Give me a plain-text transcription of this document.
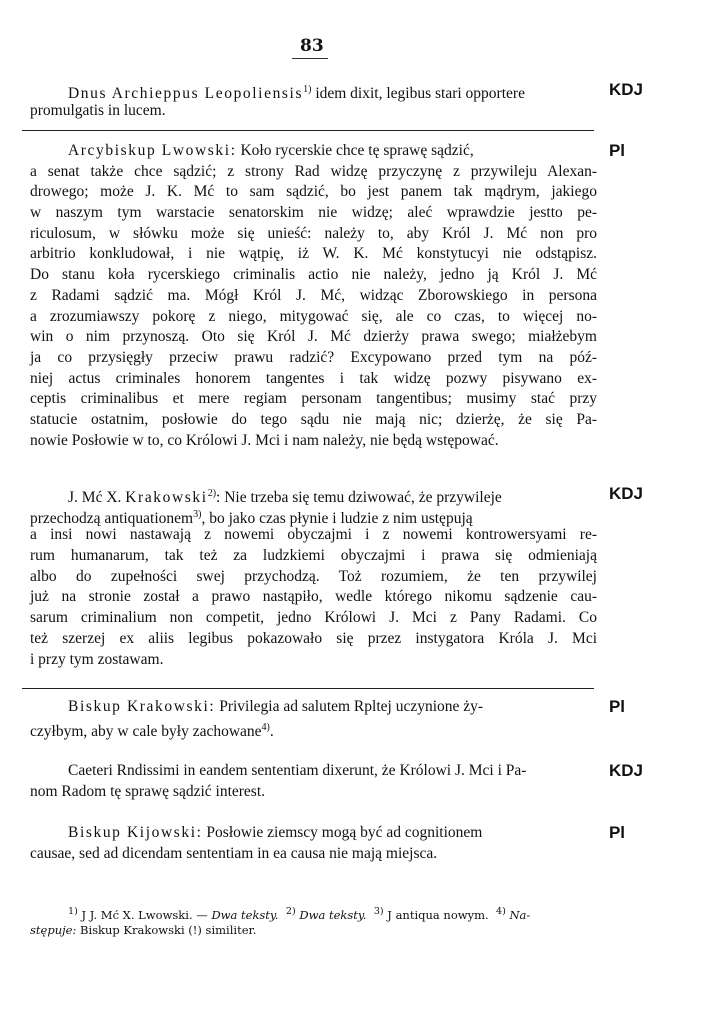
83
Dnus Archieppus Leopoliensis$^{1)}$ idem dixit, legibus stari opportere	KDJ
promulgatis in lucem.
Arcybiskup Lwowski: Koło rycerskie chce tę sprawę sądzić,	Pl
a senat także chce sądzić; z strony Rad widzę przyczynę z przywileju Alexan-
drowego; może J. K. Mć to sam sądzić, bo jest panem tak mądrym, jakiego
w naszym tym warstacie senatorskim nie widzę; aleć wprawdzie jestto pe-
riculosum, w słówku może się unieść: należy to, aby Król J. Mć non pro
arbitrio konkludował, i nie wątpię, iż W. K. Mć konstytucyi nie odstąpisz.
Do stanu koła rycerskiego criminalis actio nie należy, jedno ją Król J. Mć
z Radami sądzić ma. Mógł Król J. Mć, widząc Zborowskiego in persona
a zrozumiawszy pokorę z niego, mitygować się, ale co czas, to więcej no-
win o nim przynoszą. Oto się Król J. Mć dzierży prawa swego; miałżebym
ja co przysięgły przeciw prawu radzić? Excypowano przed tym na póź-
niej actus criminales honorem tangentes i tak widzę pozwy pisywano ex-
ceptis criminalibus et mere regiam personam tangentibus; musimy stać przy
statucie ostatnim, posłowie do tego sądu nie mają nic; dzierżę, że się Pa-
nowie Posłowie w to, co Królowi J. Mci i nam należy, nie będą wstępować.
J. Mć X. Krakowski$^{2)}$: Nie trzeba się temu dziwować, że przywileje	KDJ
przechodzą antiquationem$^{3)}$, bo jako czas płynie i ludzie z nim ustępują
a insi nowi nastawają z nowemi obyczajmi i z nowemi kontrowersyami re-
rum humanarum, tak też za ludzkiemi obyczajmi i prawa się odmieniają
albo do zupełności swej przychodzą. Toż rozumiem, że ten przywilej
już na stronie został a prawo nastąpiło, wedle którego nikomu sądzenie cau-
sarum criminalium non competit, jedno Królowi J. Mci z Pany Radami. Co
też szerzej ex aliis legibus pokazowało się przez instygatora Króla J. Mci
i przy tym zostawam.
Biskup Krakowski: Privilegia ad salutem Rpltej uczynione ży-	Pl
czyłbym, aby w cale były zachowane$^{4)}$.
Caeteri Rndissimi in eandem sententiam dixerunt, że Królowi J. Mci i Pa-	KDJ
nom Radom tę sprawę sądzić interest.
Biskup Kijowski: Posłowie ziemscy mogą być ad cognitionem	Pl
causae, sed ad dicendam sententiam in ea causa nie mają miejsca.
$^{1)}$ J J. Mć X. Lwowski. — Dwa teksty. $^{2)}$ Dwa teksty. $^{3)}$ J antiqua nowym. $^{4)}$ Na-
stępuje: Biskup Krakowski (!) similiter.
